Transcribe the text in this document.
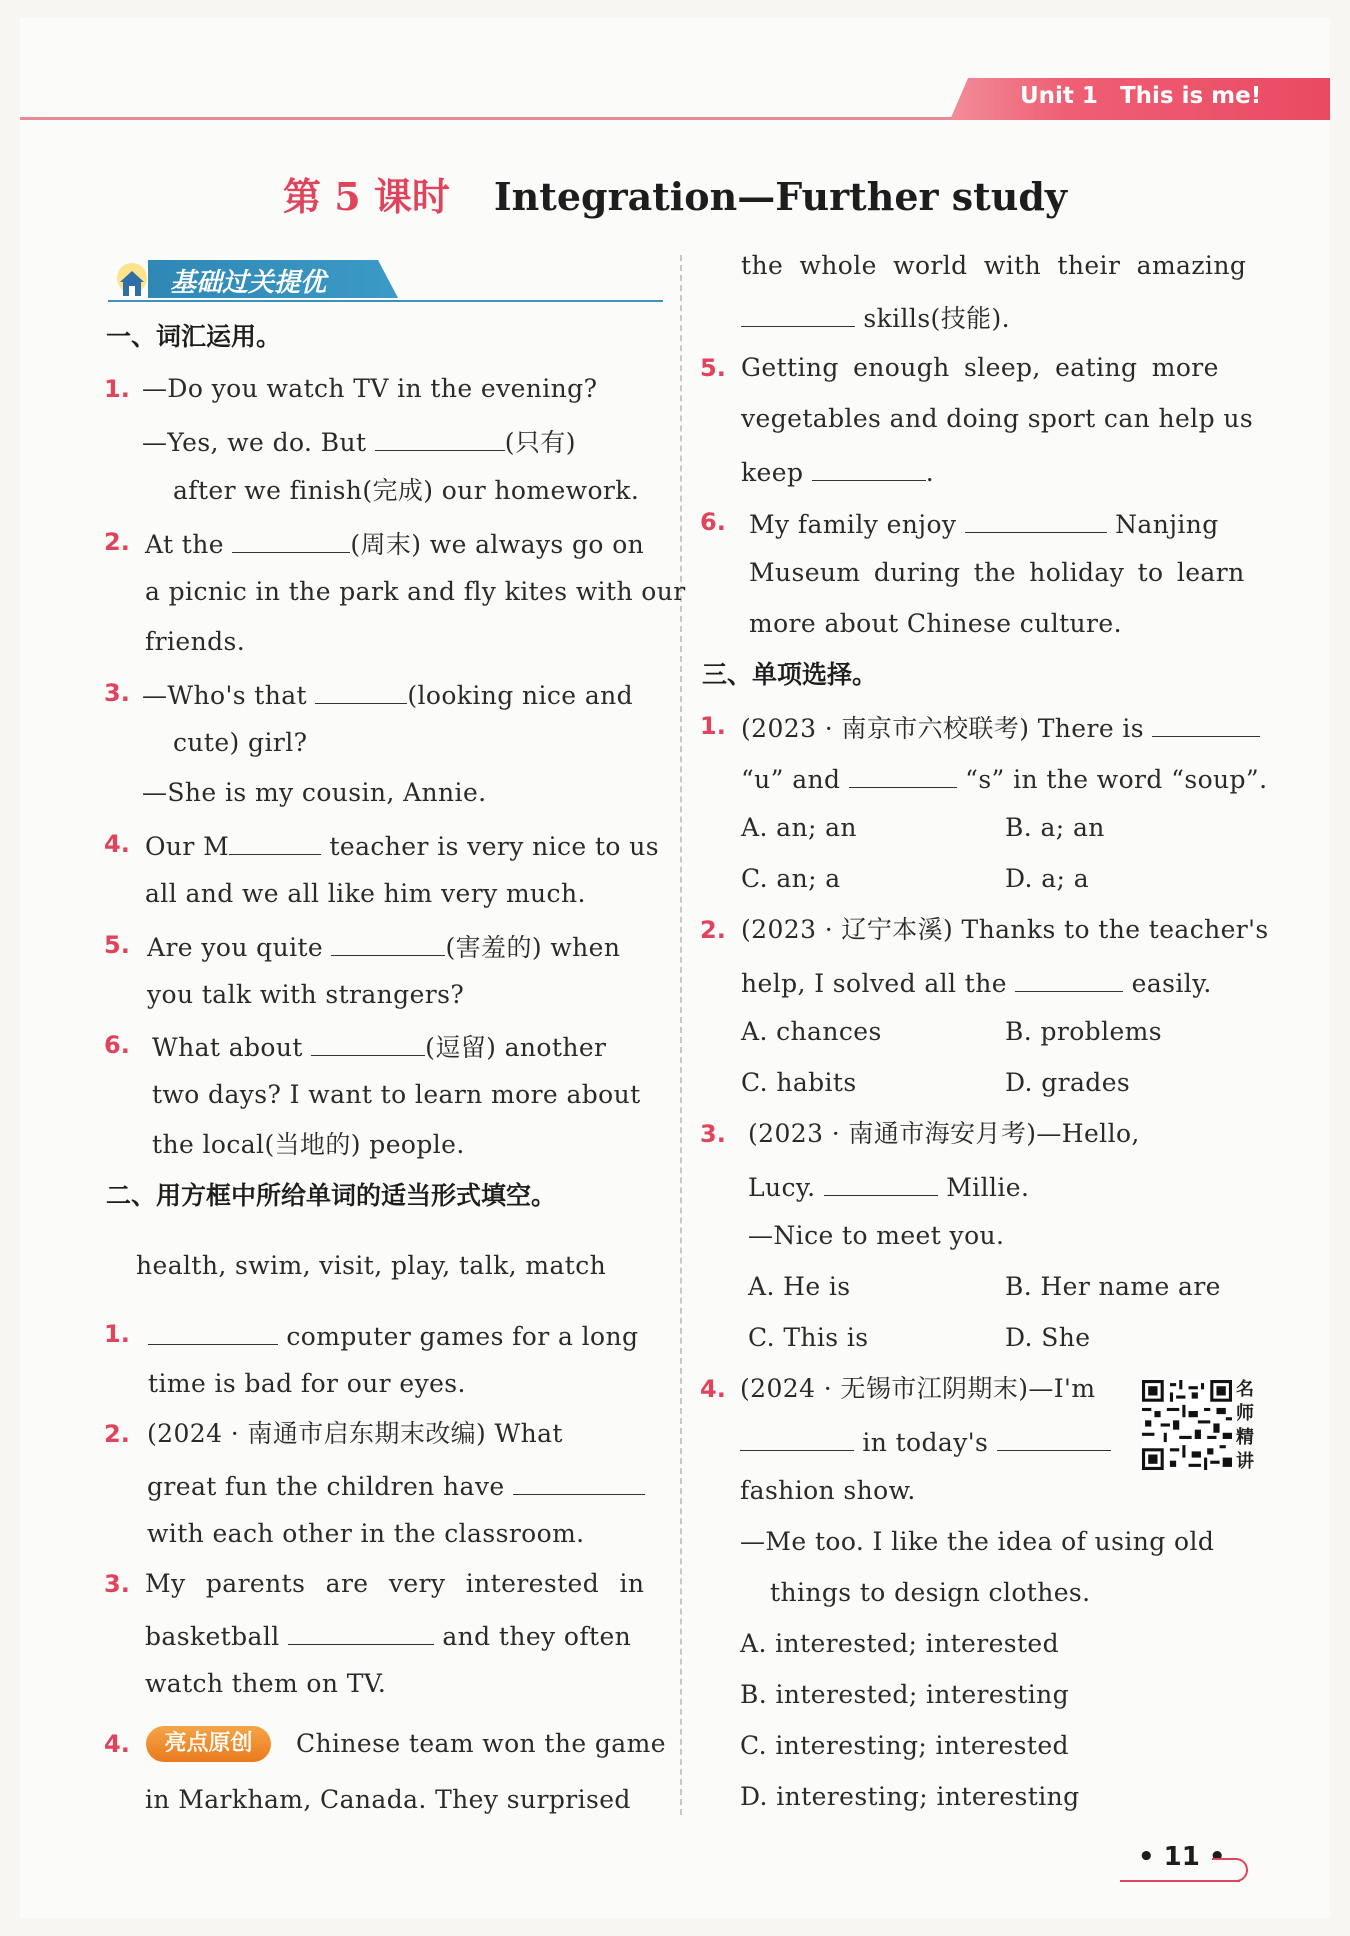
Unit 1 This is me!
第 5 课时 Integration—Further study
基础过关提优
一、词汇运用。
1. —Do you watch TV in the evening?
—Yes, we do. But	(只有)
after we finish(完成) our homework.
2. At the	(周末) we always go on
a picnic in the park and fly kites with our
friends.
3. —Who's that	(looking nice and
cute) girl?
—She is my cousin, Annie.
4. Our M	teacher is very nice to us
all and we all like him very much.
5. Are you quite	(害羞的) when
you talk with strangers?
6. What about	(逗留) another
two days? I want to learn more about
the local(当地的) people.
二、用方框中所给单词的适当形式填空。
health, swim, visit, play, talk, match
1.	computer games for a long
time is bad for our eyes.
2. (2024 · 南通市启东期末改编) What
great fun the children have
with each other in the classroom.
3. My parents are very interested in
basketball	and they often
watch them on TV.
4.	亮点原创	Chinese team won the game
in Markham, Canada. They surprised
the whole world with their amazing
skills(技能).
5. Getting enough sleep, eating more
vegetables and doing sport can help us
keep	.
6. My family enjoy	Nanjing
Museum during the holiday to learn
more about Chinese culture.
三、单项选择。
1. (2023 · 南京市六校联考) There is
“u” and	“s” in the word “soup”.
A. an; an	B. a; an
C. an; a	D. a; a
2. (2023 · 辽宁本溪) Thanks to the teacher's
help, I solved all the	easily.
A. chances	B. problems
C. habits	D. grades
3. (2023 · 南通市海安月考)—Hello,
Lucy.	Millie.
—Nice to meet you.
A. He is	B. Her name are
C. This is	D. She
4. (2024 · 无锡市江阴期末)—I'm
in today's
fashion show.
—Me too. I like the idea of using old
things to design clothes.
A. interested; interested
B. interested; interesting
C. interesting; interested
D. interesting; interesting
名师精讲
• 11 •
